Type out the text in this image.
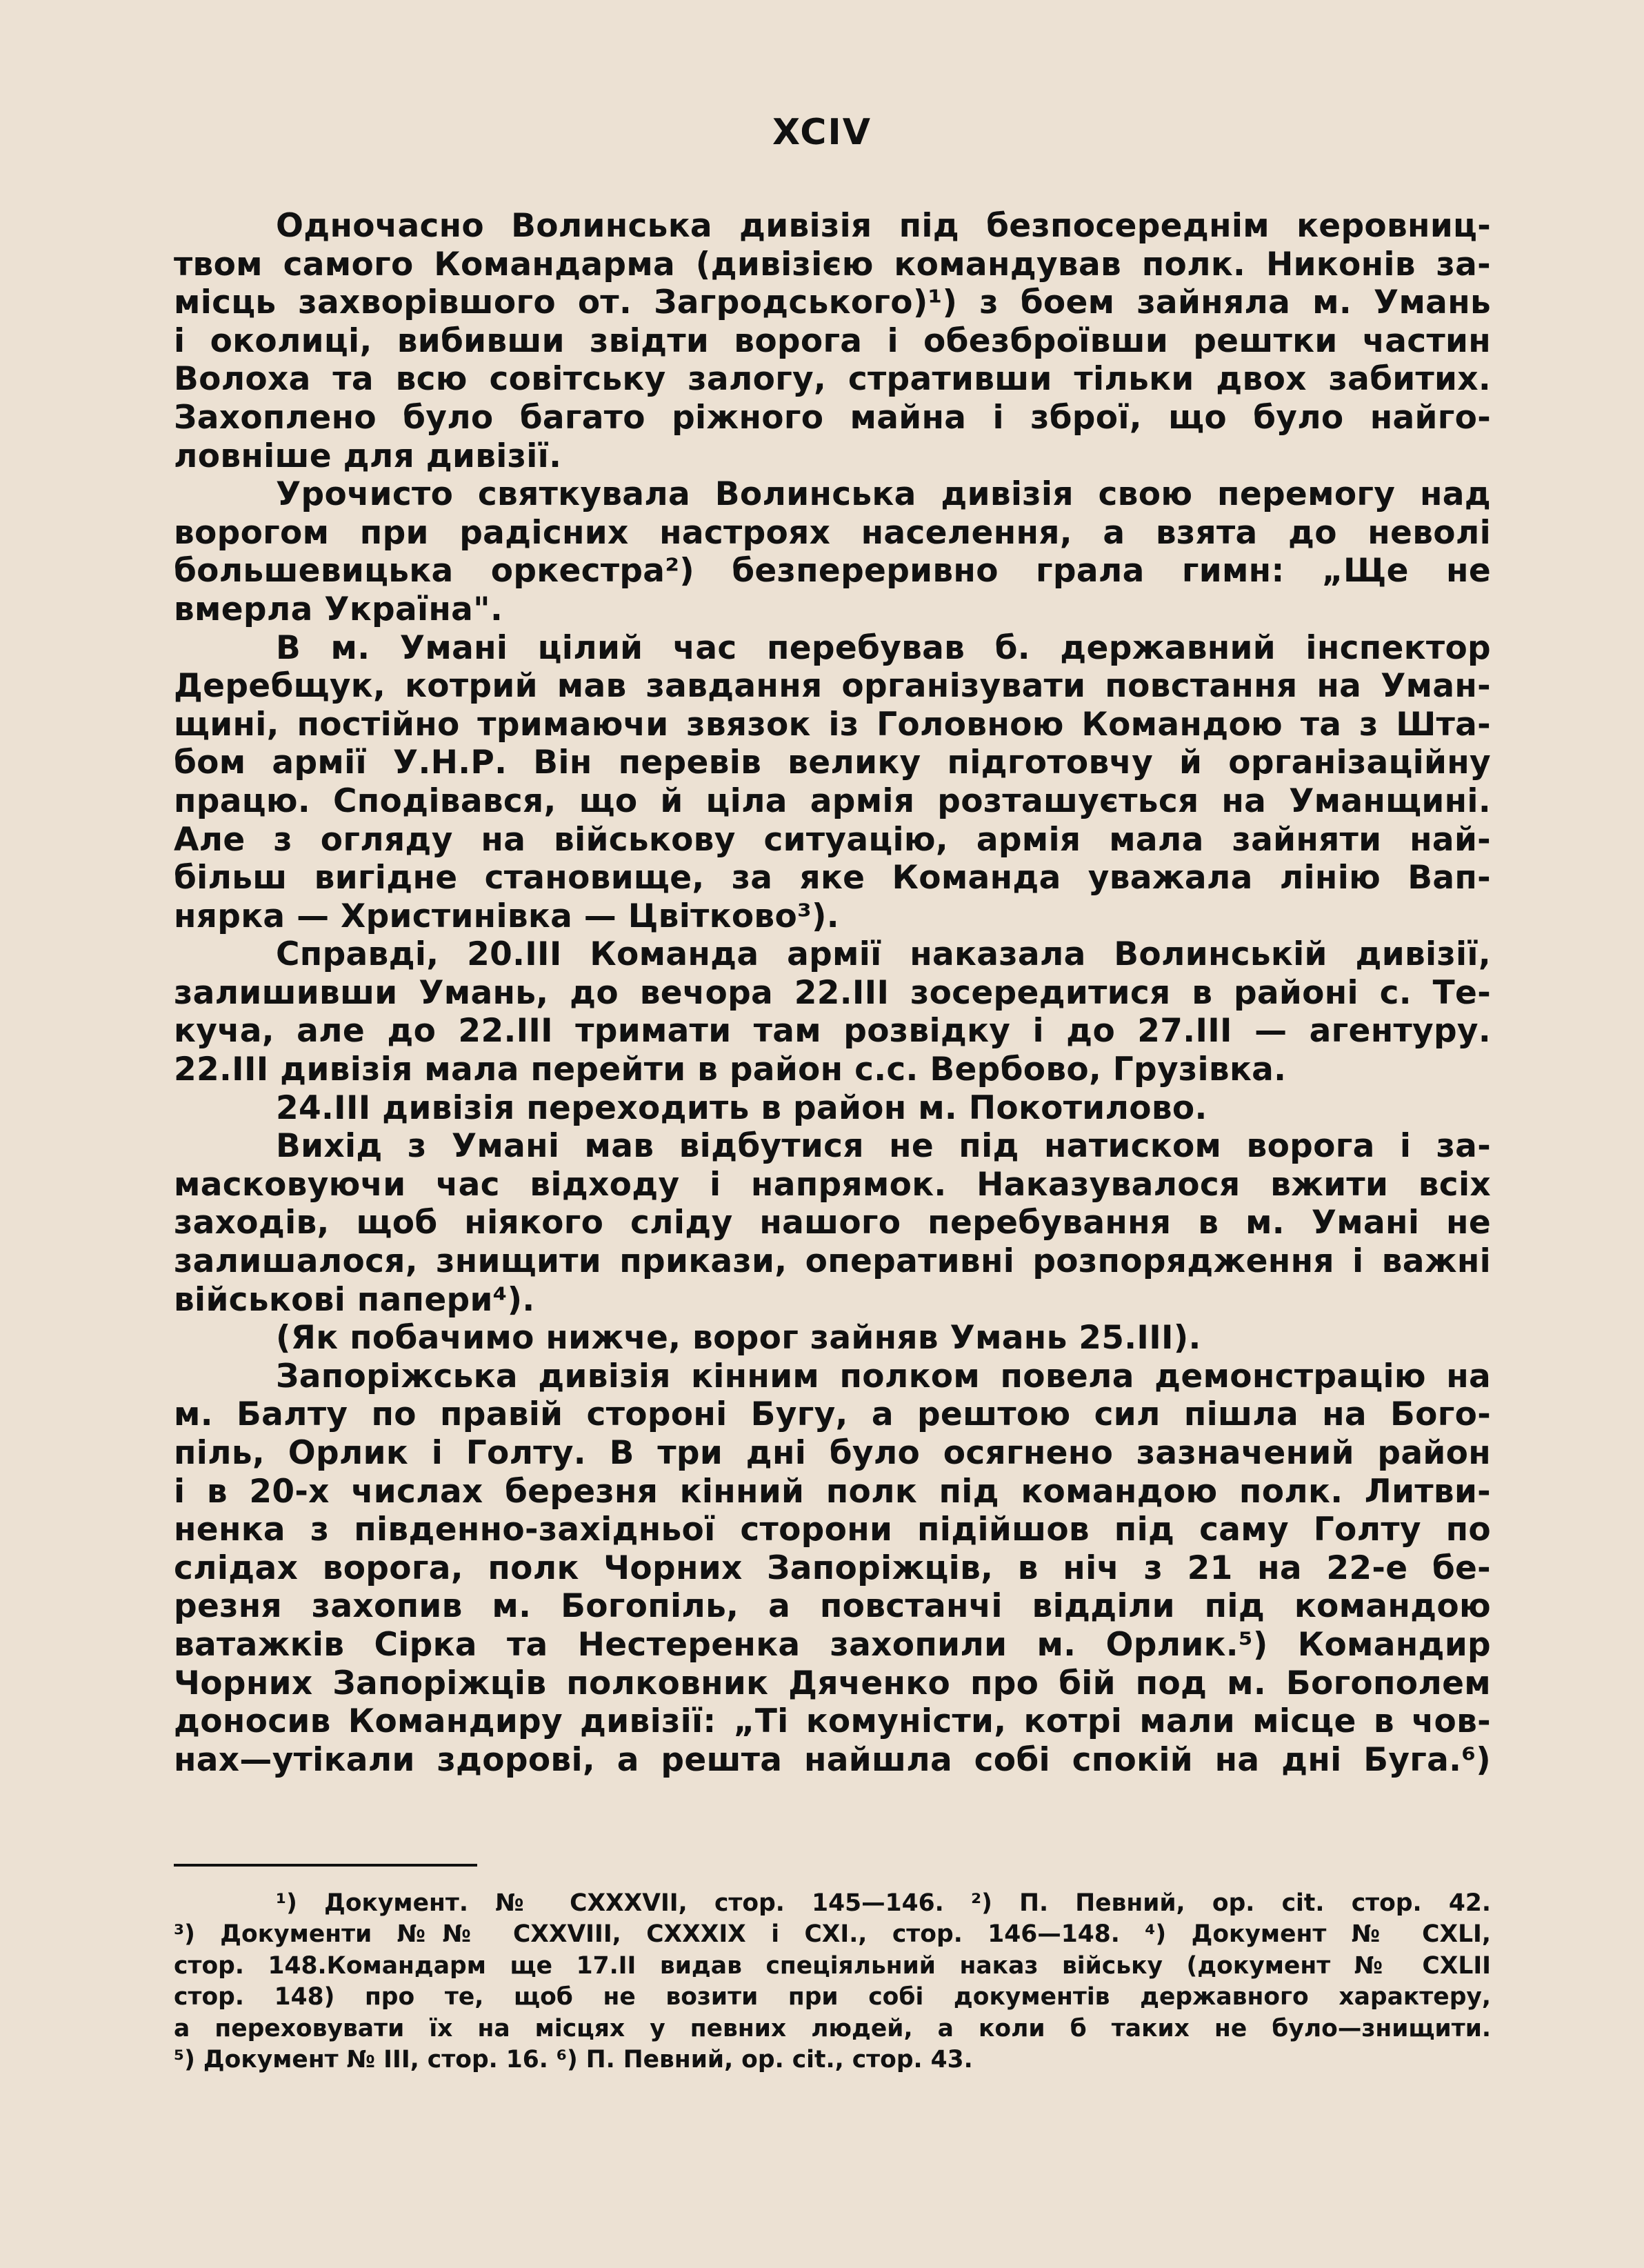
XCIV
Одночасно Волинська дивізія під безпосереднім керовниц-
твом самого Командарма (дивізією командував полк. Никонів за-
місць захворівшого от. Загродського)¹) з боем зайняла м. Умань
і околиці, вибивши звідти ворога і обезброївши рештки частин
Волоха та всю совітську залогу, стративши тільки двох забитих.
Захоплено було багато ріжного майна і зброї, що було найго-
ловніше для дивізії.
Урочисто святкувала Волинська дивізія свою перемогу над
ворогом при радісних настроях населення, а взята до неволі
большевицька оркестра²) безпереривно грала гимн: „Ще не
вмерла Україна".
В м. Умані цілий час перебував б. державний інспектор
Деребщук, котрий мав завдання організувати повстання на Уман-
щині, постійно тримаючи звязок із Головною Командою та з Шта-
бом армії У.Н.Р. Він перевів велику підготовчу й організаційну
працю. Сподівався, що й ціла армія розташується на Уманщині.
Але з огляду на військову ситуацію, армія мала зайняти най-
більш вигідне становище, за яке Команда уважала лінію Вап-
нярка — Христинівка — Цвітково³).
Справді, 20.III Команда армії наказала Волинській дивізії,
залишивши Умань, до вечора 22.III зосередитися в районі с. Те-
куча, але до 22.III тримати там розвідку і до 27.III — агентуру.
22.III дивізія мала перейти в район с.с. Вербово, Грузівка.
24.III дивізія переходить в район м. Покотилово.
Вихід з Умані мав відбутися не під натиском ворога і за-
масковуючи час відходу і напрямок. Наказувалося вжити всіх
заходів, щоб ніякого сліду нашого перебування в м. Умані не
залишалося, знищити прикази, оперативні розпорядження і важні
військові папери⁴).
(Як побачимо нижче, ворог зайняв Умань 25.III).
Запоріжська дивізія кінним полком повела демонстрацію на
м. Балту по правій стороні Бугу, а рештою сил пішла на Бого-
піль, Орлик і Голту. В три дні було осягнено зазначений район
і в 20-х числах березня кінний полк під командою полк. Литви-
ненка з південно-західньої сторони підійшов під саму Голту по
слідах ворога, полк Чорних Запоріжців, в ніч з 21 на 22-е бе-
резня захопив м. Богопіль, а повстанчі відділи під командою
ватажків Сірка та Нестеренка захопили м. Орлик.⁵) Командир
Чорних Запоріжців полковник Дяченко про бій под м. Богополем
доносив Командиру дивізії: „Ті комуністи, котрі мали місце в чов-
нах—утікали здорові, а решта найшла собі спокій на дні Буга.⁶)
¹) Документ. № CXXXVII, стор. 145—146. ²) П. Певний, ор. cit. стор. 42.
³) Документи №№ CXXVIII, CXXXIX і CXI., стор. 146—148. ⁴) Документ № CXLI,
стор. 148.Командарм ще 17.II видав спеціяльний наказ війську (документ № CXLII
стор. 148) про те, щоб не возити при собі документів державного характеру,
а переховувати їх на місцях у певних людей, а коли б таких не було—знищити.
⁵) Документ № III, стор. 16. ⁶) П. Певний, ор. cit., стор. 43.
